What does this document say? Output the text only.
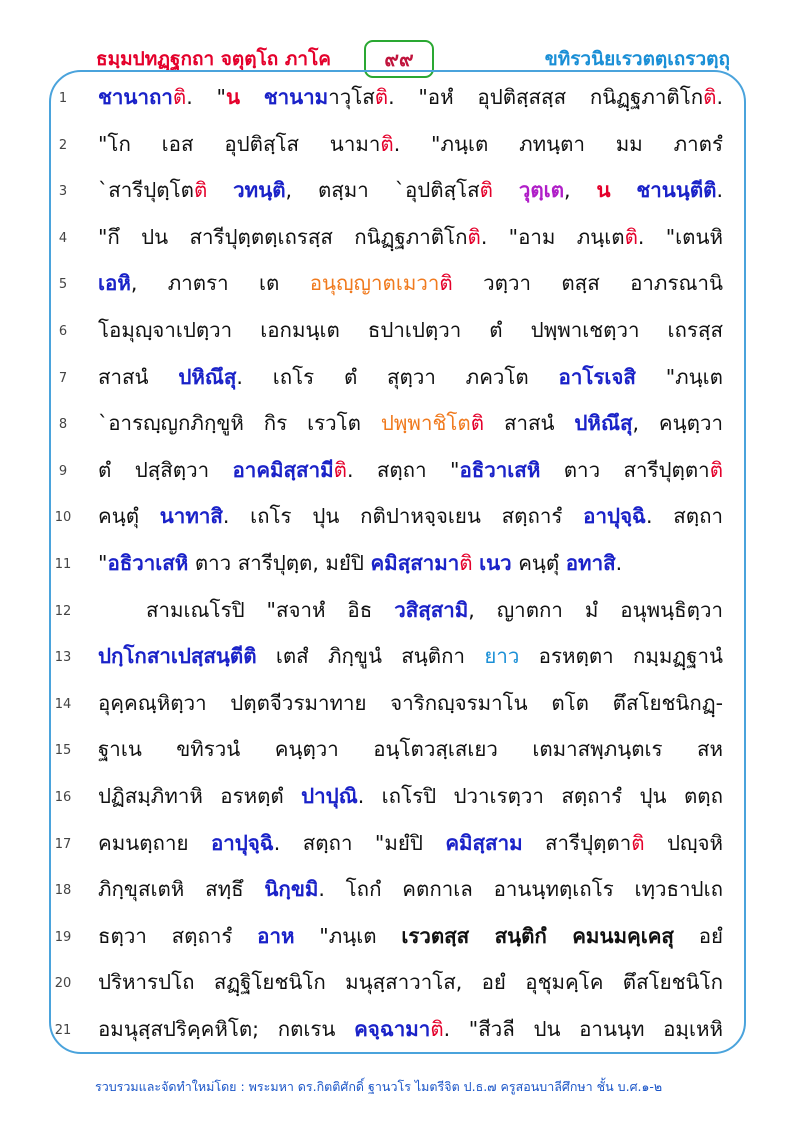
ธมฺมปทฏฺฐกถา จตุตฺโถ ภาโค	๙๙	ขทิรวนิยเรวตตฺเถรวตฺถุ
1	ชานาถาติ. "น ชานามาวุโสติ. "อหํ อุปติสฺสสฺส กนิฏฺฐภาติโกติ.
2	"โก เอส อุปติสฺโส นามาติ. "ภนฺเต ภทนฺตา มม ภาตรํ
3	`สารีปุตฺโตติ วทนฺติ, ตสฺมา `อุปติสฺโสติ วุตฺเต, น ชานนฺตีติ.
4	"กึ ปน สารีปุตฺตตฺเถรสฺส กนิฏฺฐภาติโกติ. "อาม ภนฺเตติ. "เตนหิ
5	เอหิ, ภาตรา เต อนุญฺญาตเมวาติ วตฺวา ตสฺส อาภรณานิ
6	โอมุญฺจาเปตฺวา เอกมนฺเต ธปาเปตฺวา ตํ ปพฺพาเชตฺวา เถรสฺส
7	สาสนํ ปหิณึสุ. เถโร ตํ สุตฺวา ภควโต อาโรเจสิ "ภนฺเต
8	`อารญฺญกภิกฺขูหิ กิร เรวโต ปพฺพาชิโตติ สาสนํ ปหิณึสุ, คนฺตฺวา
9	ตํ ปสฺสิตฺวา อาคมิสฺสามีติ. สตฺถา "อธิวาเสหิ ตาว สารีปุตฺตาติ
10	คนฺตุํ นาทาสิ. เถโร ปุน กติปาหจฺจเยน สตฺถารํ อาปุจฺฉิ. สตฺถา
11	"อธิวาเสหิ ตาว สารีปุตฺต, มยํปิ คมิสฺสามาติ เนว คนฺตุํ อทาสิ.
12	สามเณโรปิ "สจาหํ อิธ วสิสฺสามิ, ญาตกา มํ อนุพนฺธิตฺวา
13	ปกฺโกสาเปสฺสนฺตีติ เตสํ ภิกฺขูนํ สนฺติกา ยาว อรหตฺตา กมฺมฏฺฐานํ
14	อุคฺคณฺหิตฺวา ปตฺตจีวรมาทาย จาริกญฺจรมาโน ตโต ตึสโยชนิกฏฺ-
15	ฐาเน ขทิรวนํ คนฺตฺวา อนฺโตวสฺเสเยว เตมาสพฺภนฺตเร สห
16	ปฏิสมฺภิทาหิ อรหตฺตํ ปาปุณิ. เถโรปิ ปวาเรตฺวา สตฺถารํ ปุน ตตฺถ
17	คมนตฺถาย อาปุจฺฉิ. สตฺถา "มยํปิ คมิสฺสาม สารีปุตฺตาติ ปญฺจหิ
18	ภิกฺขุสเตหิ สทฺธึ นิกฺขมิ. โถกํ คตกาเล อานนฺทตฺเถโร เทฺวธาปเถ
19	ธตฺวา สตฺถารํ อาห "ภนฺเต เรวตสฺส สนฺติกํ คมนมคฺเคสุ อยํ
20	ปริหารปโถ สฏฺฐิโยชนิโก มนุสฺสาวาโส, อยํ อุชุมคฺโค ตึสโยชนิโก
21	อมนุสฺสปริคฺคหิโต; กตเรน คจฺฉามาติ. "สีวลี ปน อานนฺท อมฺเหหิ
รวบรวมและจัดทำใหม่โดย : พระมหา ดร.กิตติศักดิ์ ฐานวโร ไมตรีจิต ป.ธ.๗ ครูสอนบาลีศึกษา ชั้น บ.ศ.๑-๒
